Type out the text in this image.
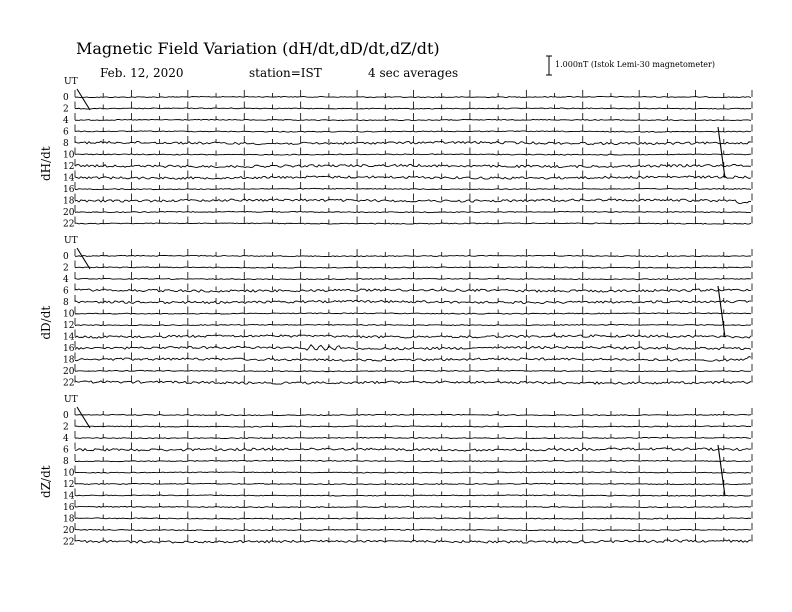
Magnetic Field Variation (dH/dt,dD/dt,dZ/dt)
Feb. 12, 2020	station=IST	4 sec averages
1.000nT (Istok Lemi-30 magnetometer)
UT
dH/dt
0
2
4
6
8
10
12
14
16
18
20
22
UT
dD/dt
0
2
4
6
8
10
12
14
16
18
20
22
UT
dZ/dt
0
2
4
6
8
10
12
14
16
18
20
22
